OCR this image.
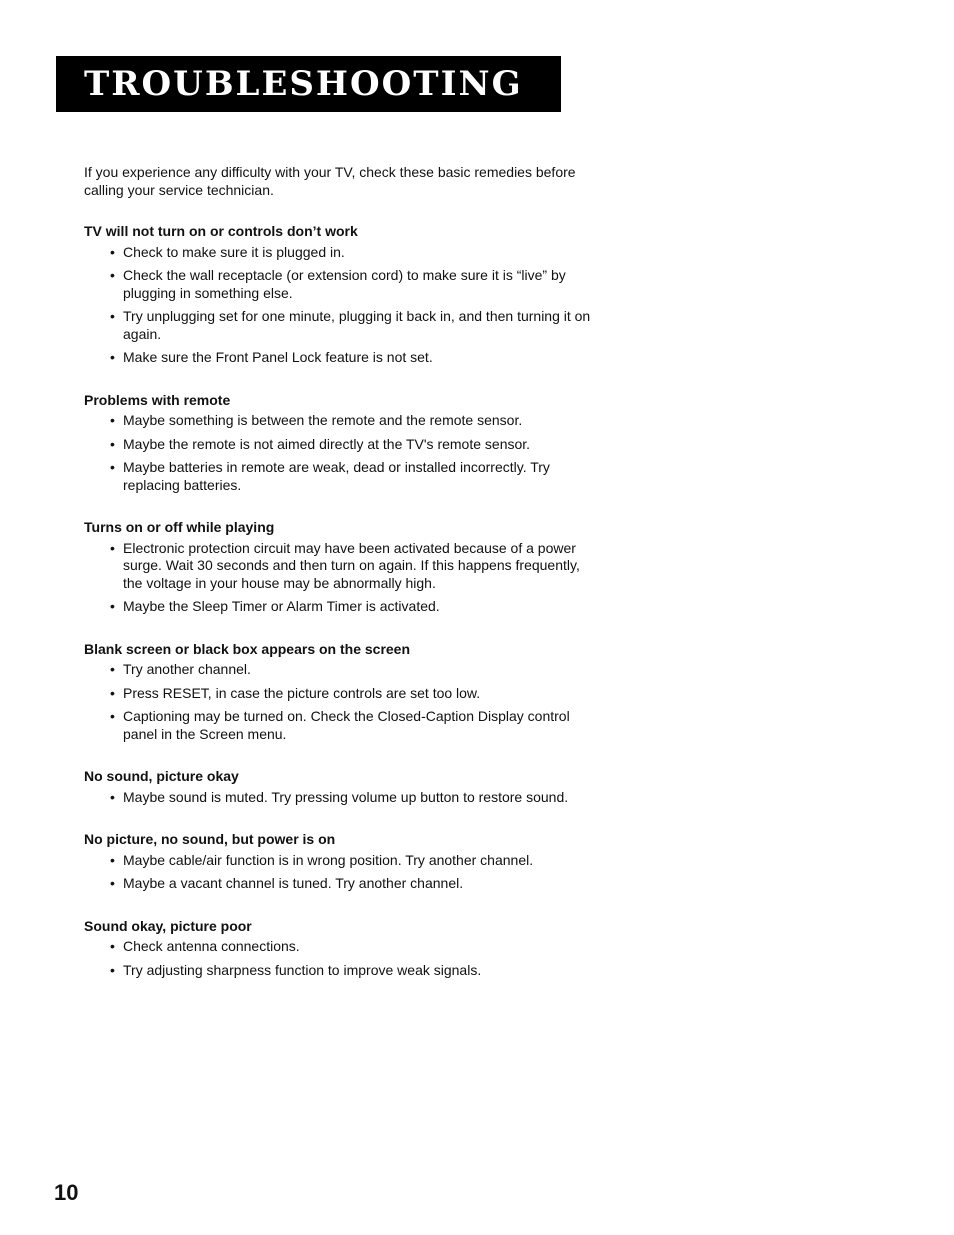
TROUBLESHOOTING

If you experience any difficulty with your TV, check these basic remedies before calling your service technician.

TV will not turn on or controls don’t work
• Check to make sure it is plugged in.
• Check the wall receptacle (or extension cord) to make sure it is “live” by plugging in something else.
• Try unplugging set for one minute, plugging it back in, and then turning it on again.
• Make sure the Front Panel Lock feature is not set.
Problems with remote
• Maybe something is between the remote and the remote sensor.
• Maybe the remote is not aimed directly at the TV's remote sensor.
• Maybe batteries in remote are weak, dead or installed incorrectly. Try replacing batteries.
Turns on or off while playing
• Electronic protection circuit may have been activated because of a power surge. Wait 30 seconds and then turn on again. If this happens frequently, the voltage in your house may be abnormally high.
• Maybe the Sleep Timer or Alarm Timer is activated.
Blank screen or black box appears on the screen
• Try another channel.
• Press RESET, in case the picture controls are set too low.
• Captioning may be turned on. Check the Closed-Caption Display control panel in the Screen menu.
No sound, picture okay
• Maybe sound is muted. Try pressing volume up button to restore sound.
No picture, no sound, but power is on
• Maybe cable/air function is in wrong position. Try another channel.
• Maybe a vacant channel is tuned. Try another channel.
Sound okay, picture poor
• Check antenna connections.
• Try adjusting sharpness function to improve weak signals.
10
